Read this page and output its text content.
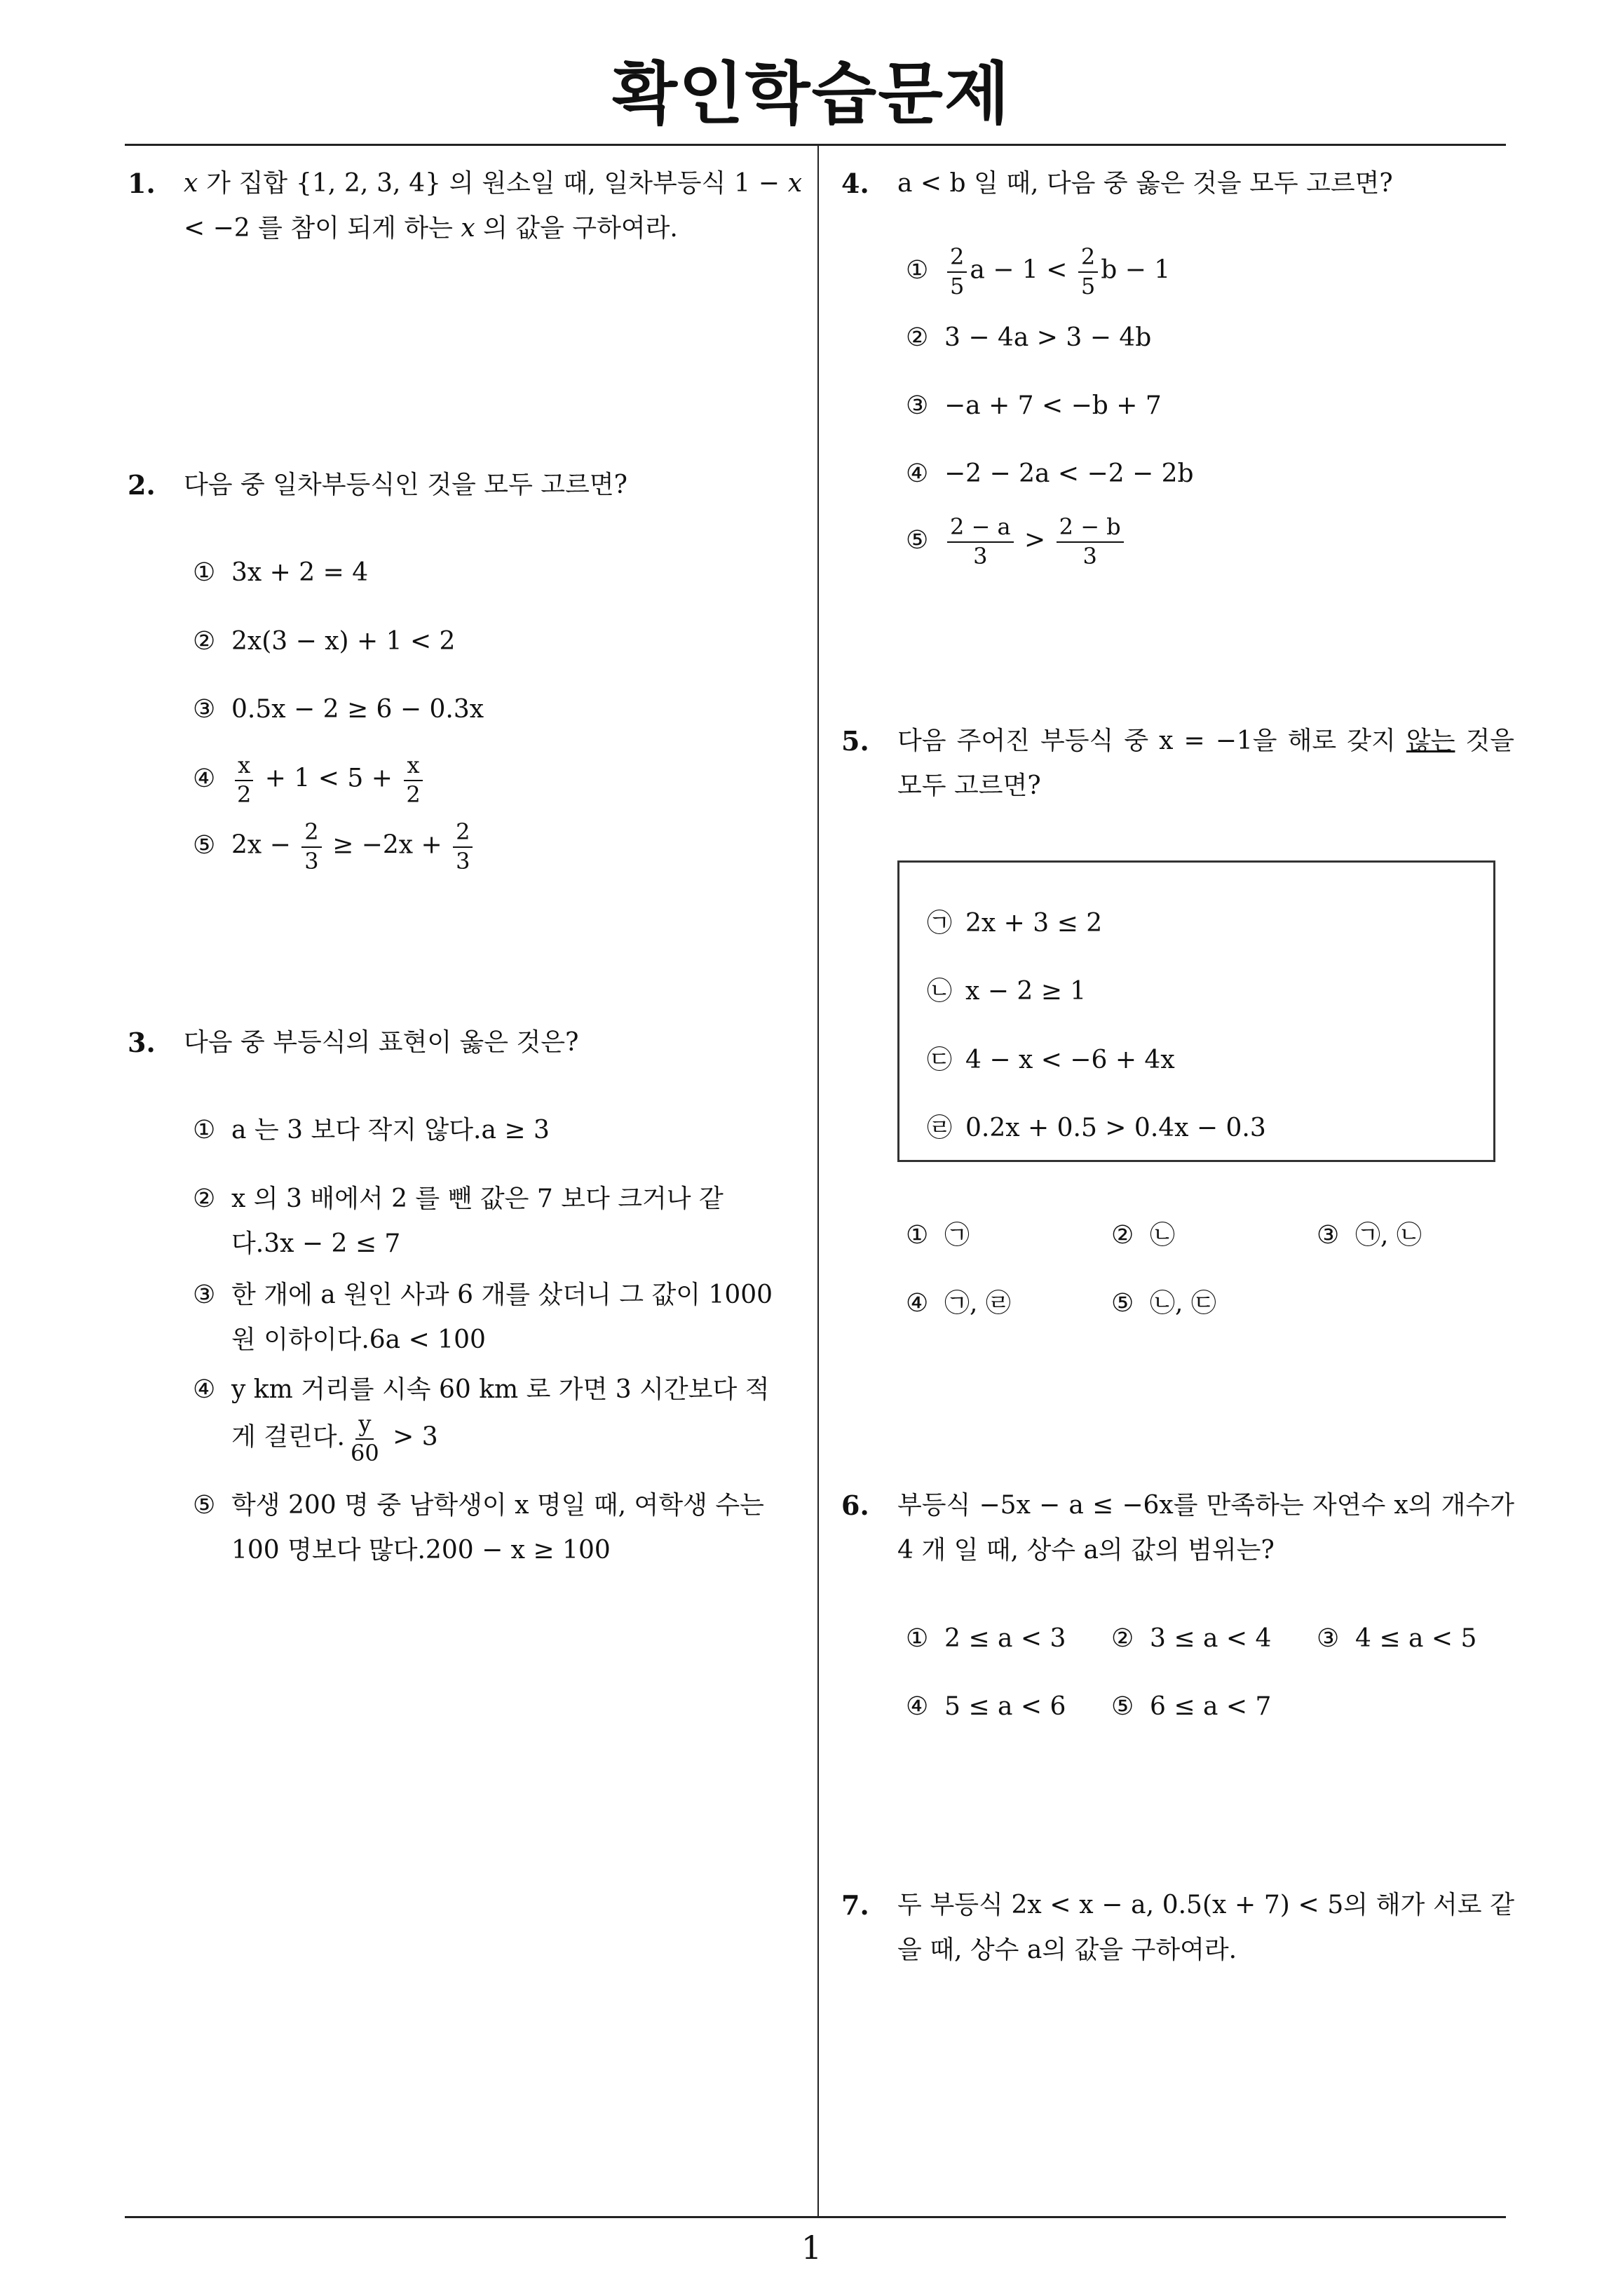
확인학습문제
1. x 가 집합 {1, 2, 3, 4} 의 원소일 때, 일차부등식 1 − x < −2 를 참이 되게 하는 x 의 값을 구하여라.
2. 다음 중 일차부등식인 것을 모두 고르면?
① 3x + 2 = 4
② 2x(3 − x) + 1 < 2
③ 0.5x − 2 ≥ 6 − 0.3x
④ $\frac{x}{2} + 1 < 5 + \frac{x}{2}$
⑤ $2x - \frac{2}{3} \ge -2x + \frac{2}{3}$
3. 다음 중 부등식의 표현이 옳은 것은?
① a 는 3 보다 작지 않다.a ≥ 3
② x 의 3 배에서 2 를 뺀 값은 7 보다 크거나 같다.3x − 2 ≤ 7
③ 한 개에 a 원인 사과 6 개를 샀더니 그 값이 1000 원 이하이다.6a < 100
④ y km 거리를 시속 60 km 로 가면 3 시간보다 적게 걸린다. $\frac{y}{60} > 3$
⑤ 학생 200 명 중 남학생이 x 명일 때, 여학생 수는 100 명보다 많다.200 − x ≥ 100
4. a < b 일 때, 다음 중 옳은 것을 모두 고르면?
① $\frac{2}{5}$ $a - 1 < \frac{2}{5}$ b − 1
② 3 − 4a > 3 − 4b
③ −a + 7 < −b + 7
④ −2 − 2a < −2 − 2b
⑤ $\frac{2 - a}{3} > \frac{2 - b}{3}$
5. 다음 주어진 부등식 중 x = −1을 해로 갖지 않는 것을 모두 고르면?
㉠ 2x + 3 ≤ 2
㉡ x − 2 ≥ 1
㉢ 4 − x < −6 + 4x
㉣ 0.2x + 0.5 > 0.4x − 0.3
① ㉠	② ㉡	③ ㉠, ㉡
④ ㉠, ㉣	⑤ ㉡, ㉢
6. 부등식 −5x − a ≤ −6x를 만족하는 자연수 x의 개수가 4 개 일 때, 상수 a의 값의 범위는?
① 2 ≤ a < 3 ② 3 ≤ a < 4 ③ 4 ≤ a < 5
④ 5 ≤ a < 6 ⑤ 6 ≤ a < 7
7. 두 부등식 2x < x − a, 0.5(x + 7) < 5의 해가 서로 같을 때, 상수 a의 값을 구하여라.
1
